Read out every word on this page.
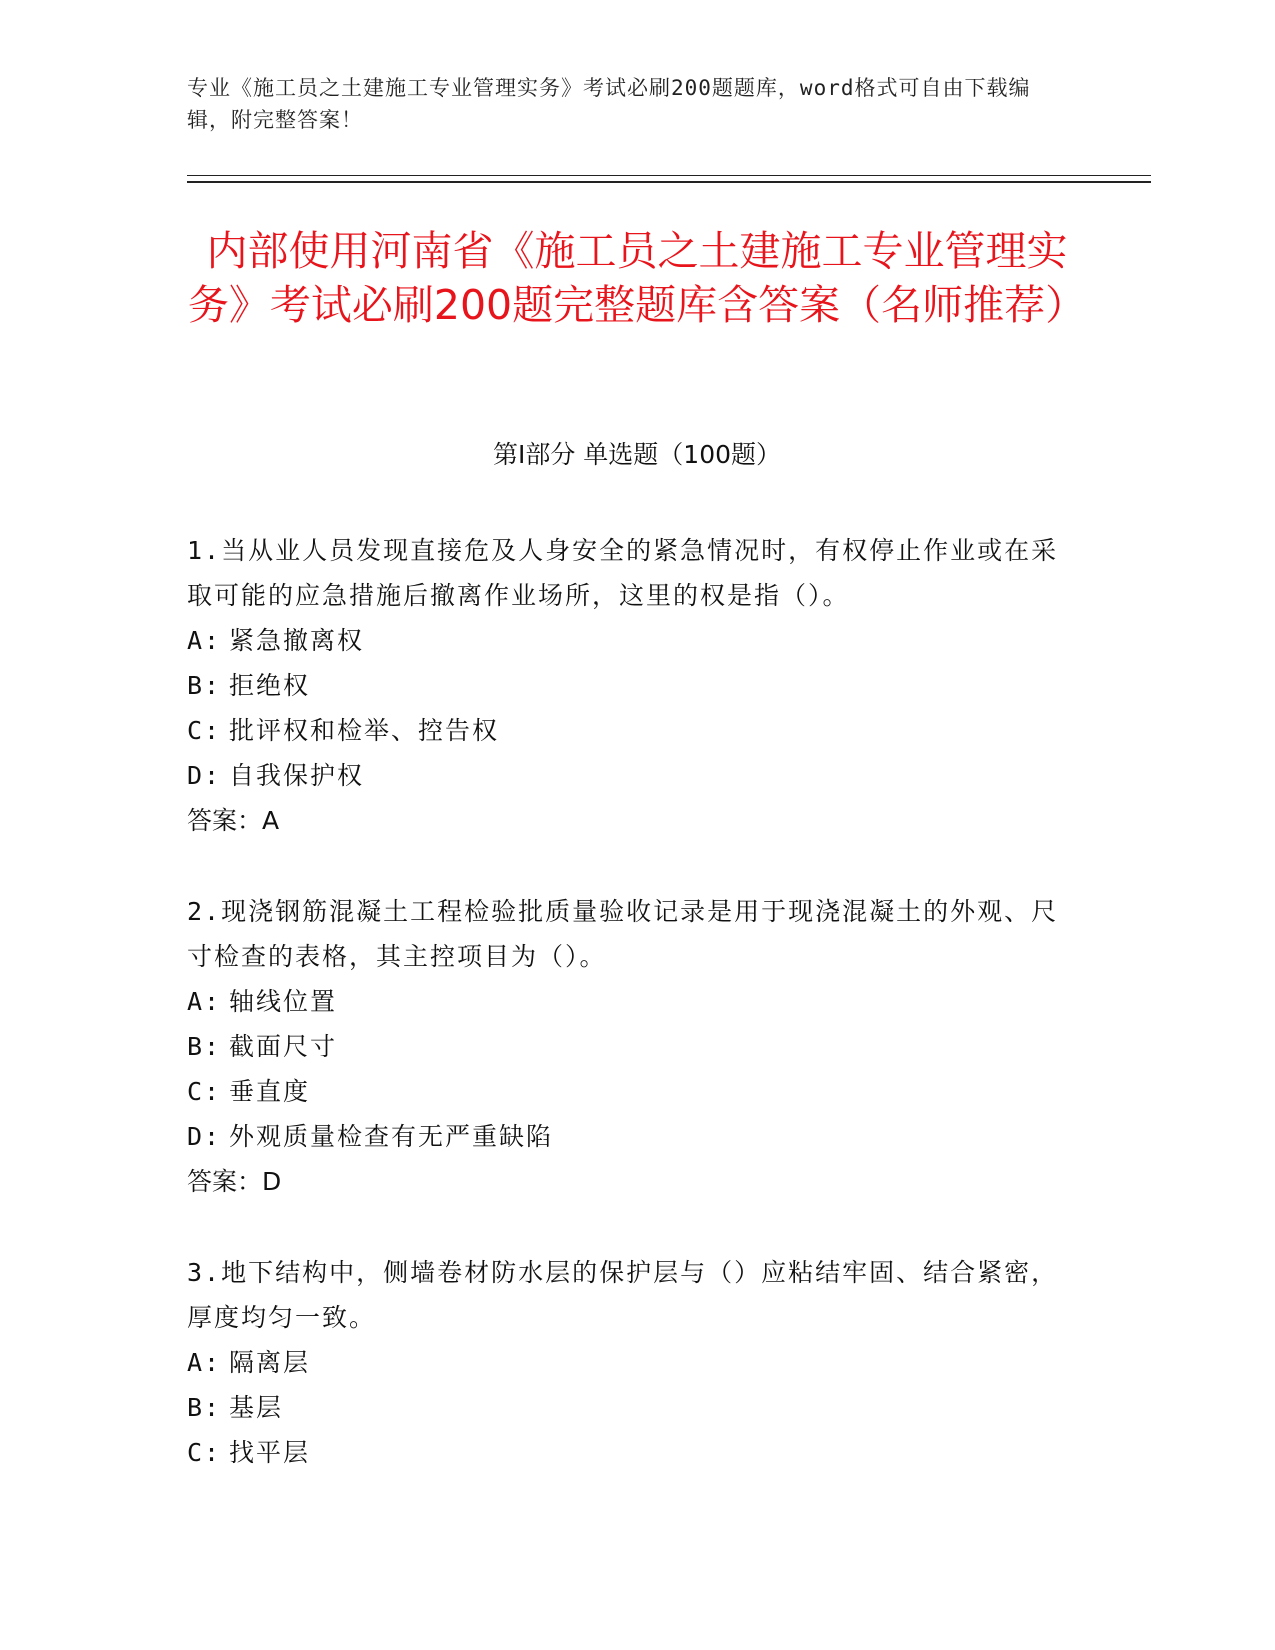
专业《施工员之土建施工专业管理实务》考试必刷200题题库，word格式可自由下载编辑，附完整答案！
内部使用河南省《施工员之土建施工专业管理实务》考试必刷200题完整题库含答案（名师推荐）
第Ⅰ部分 单选题（100题）

1.当从业人员发现直接危及人身安全的紧急情况时，有权停止作业或在采取可能的应急措施后撤离作业场所，这里的权是指（）。

A: 紧急撤离权

B: 拒绝权

C: 批评权和检举、控告权

D: 自我保护权

答案：A

2.现浇钢筋混凝土工程检验批质量验收记录是用于现浇混凝土的外观、尺寸检查的表格，其主控项目为（）。

A: 轴线位置

B: 截面尺寸

C: 垂直度

D: 外观质量检查有无严重缺陷

答案：D

3.地下结构中，侧墙卷材防水层的保护层与（）应粘结牢固、结合紧密，厚度均匀一致。

A: 隔离层

B: 基层

C: 找平层
